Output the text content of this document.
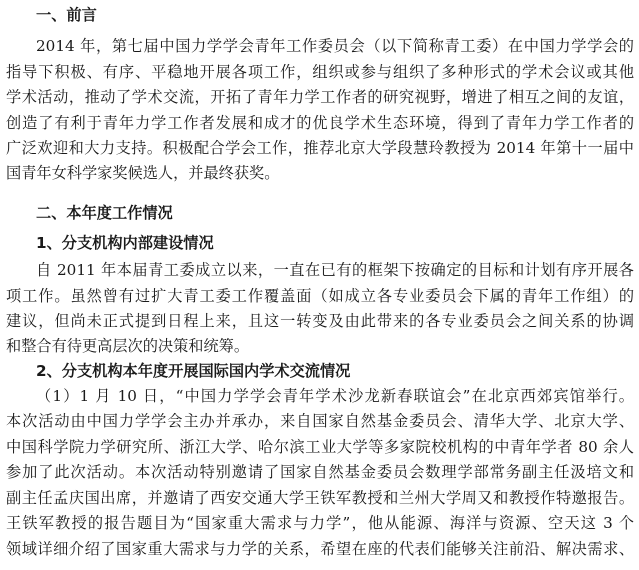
一、前言
2014 年，第七届中国力学学会青年工作委员会（以下简称青工委）在中国力学学会的
指导下积极、有序、平稳地开展各项工作，组织或参与组织了多种形式的学术会议或其他
学术活动，推动了学术交流，开拓了青年力学工作者的研究视野，增进了相互之间的友谊，
创造了有利于青年力学工作者发展和成才的优良学术生态环境，得到了青年力学工作者的
广泛欢迎和大力支持。积极配合学会工作，推荐北京大学段慧玲教授为 2014 年第十一届中
国青年女科学家奖候选人，并最终获奖。
二、本年度工作情况
1、分支机构内部建设情况
自 2011 年本届青工委成立以来，一直在已有的框架下按确定的目标和计划有序开展各
项工作。虽然曾有过扩大青工委工作覆盖面（如成立各专业委员会下属的青年工作组）的
建议，但尚未正式提到日程上来，且这一转变及由此带来的各专业委员会之间关系的协调
和整合有待更高层次的决策和统筹。
2、分支机构本年度开展国际国内学术交流情况
（1）1 月 10 日，“中国力学学会青年学术沙龙新春联谊会”在北京西郊宾馆举行。
本次活动由中国力学学会主办并承办，来自国家自然基金委员会、清华大学、北京大学、
中国科学院力学研究所、浙江大学、哈尔滨工业大学等多家院校机构的中青年学者 80 余人
参加了此次活动。本次活动特别邀请了国家自然基金委员会数理学部常务副主任汲培文和
副主任孟庆国出席，并邀请了西安交通大学王铁军教授和兰州大学周又和教授作特邀报告。
王铁军教授的报告题目为“国家重大需求与力学”，他从能源、海洋与资源、空天这 3 个
领域详细介绍了国家重大需求与力学的关系，希望在座的代表们能够关注前沿、解决需求、
